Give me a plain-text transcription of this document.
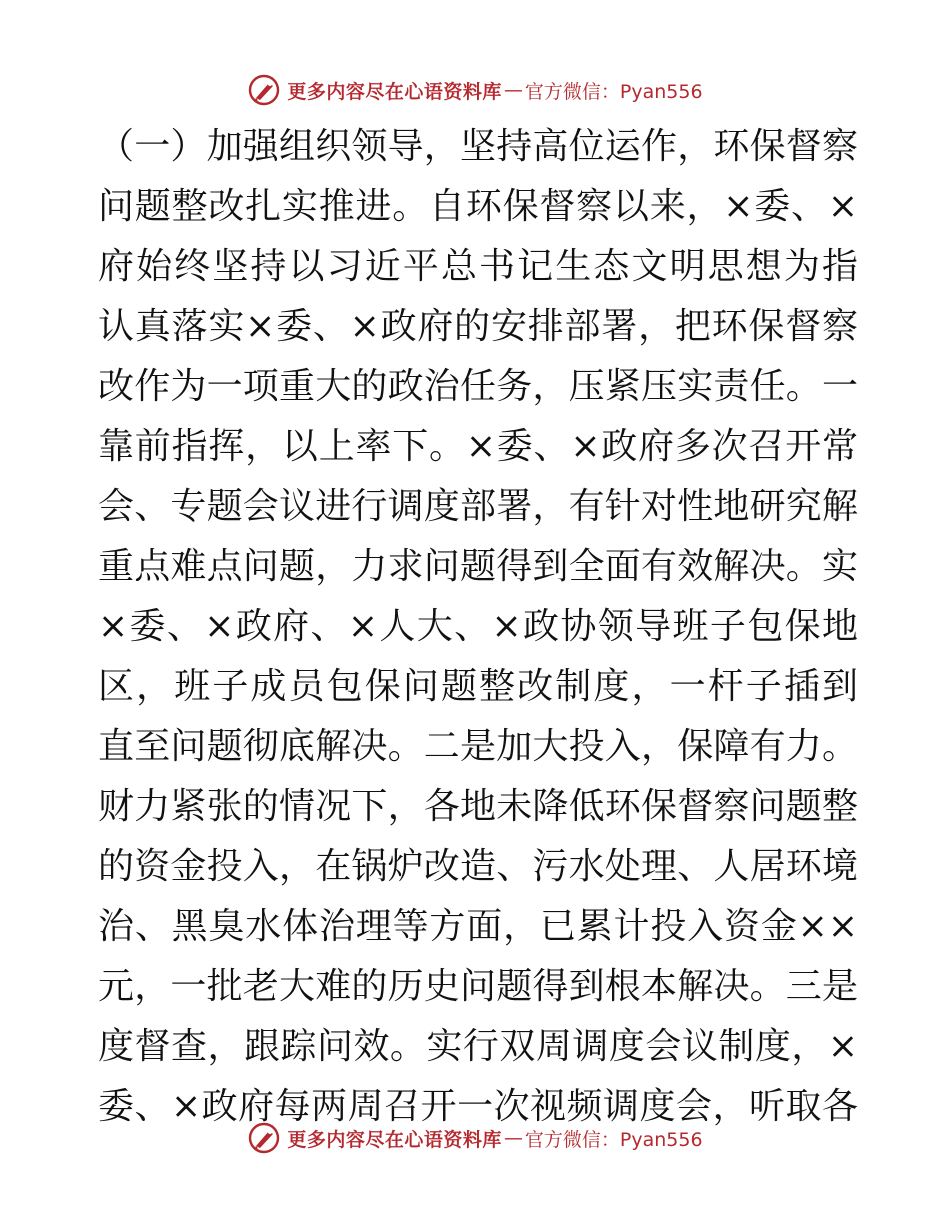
更多内容尽在心语资料库 — 官方微信：Pyan556
（一）加强组织领导，坚持高位运作，环保督察
问题整改扎实推进。自环保督察以来，×委、×
府始终坚持以习近平总书记生态文明思想为指
认真落实×委、×政府的安排部署，把环保督察
改作为一项重大的政治任务，压紧压实责任。一
靠前指挥，以上率下。×委、×政府多次召开常
会、专题会议进行调度部署，有针对性地研究解
重点难点问题，力求问题得到全面有效解决。实
×委、×政府、×人大、×政协领导班子包保地
区，班子成员包保问题整改制度，一杆子插到
直至问题彻底解决。二是加大投入，保障有力。
财力紧张的情况下，各地未降低环保督察问题整
的资金投入，在锅炉改造、污水处理、人居环境
治、黑臭水体治理等方面，已累计投入资金××
元，一批老大难的历史问题得到根本解决。三是
度督查，跟踪问效。实行双周调度会议制度，×
委、×政府每两周召开一次视频调度会，听取各
更多内容尽在心语资料库 — 官方微信：Pyan556
